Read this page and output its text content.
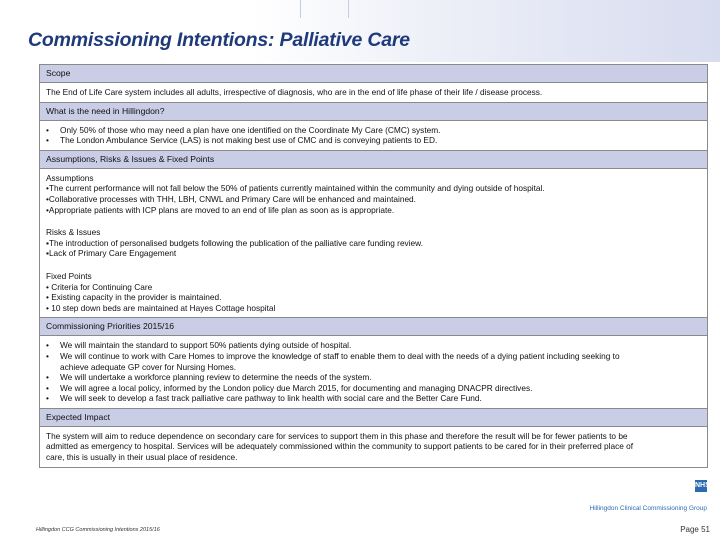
Commissioning Intentions: Palliative Care
Scope

The End of Life Care system includes all adults, irrespective of diagnosis, who are in the end of life phase of their life / disease process.

What is the need in Hillingdon?
•	Only 50% of those who may need a plan have one identified on the Coordinate My Care (CMC) system.
•	The London Ambulance Service (LAS) is not making best use of CMC and is conveying patients to ED.
Assumptions, Risks & Issues & Fixed Points

Assumptions

•The current performance will not fall below the 50% of patients currently maintained within the community and dying outside of hospital.

•Collaborative processes with THH, LBH, CNWL and Primary Care will be enhanced and maintained.

•Appropriate patients with ICP plans are moved to an end of life plan as soon as is appropriate.

Risks & Issues

▪The introduction of personalised budgets following the publication of the palliative care funding review.

▪Lack of Primary Care Engagement

Fixed Points

• Criteria for Continuing Care

• Existing capacity in the provider is maintained.

• 10 step down beds are maintained at Hayes Cottage hospital

Commissioning Priorities 2015/16
•	We will maintain the standard to support 50% patients dying outside of hospital.
•	We will continue to work with Care Homes to improve the knowledge of staff to enable them to deal with the needs of a dying patient including seeking to
achieve adequate GP cover for Nursing Homes.
•	We will undertake a workforce planning review to determine the needs of the system.
•	We will agree a local policy, informed by the London policy due March 2015, for documenting and managing DNACPR directives.
•	We will seek to develop a fast track palliative care pathway to link health with social care and the Better Care Fund.
Expected Impact

The system will aim to reduce dependence on secondary care for services to support them in this phase and therefore the result will be for fewer patients to be

admitted as emergency to hospital. Services will be adequately commissioned within the community to support patients to be cared for in their preferred place of

care, this is usually in their usual place of residence.

NHS
Hillingdon Clinical Commissioning Group
Hillingdon CCG Commissioning Intentions 2015/16	Page 51
